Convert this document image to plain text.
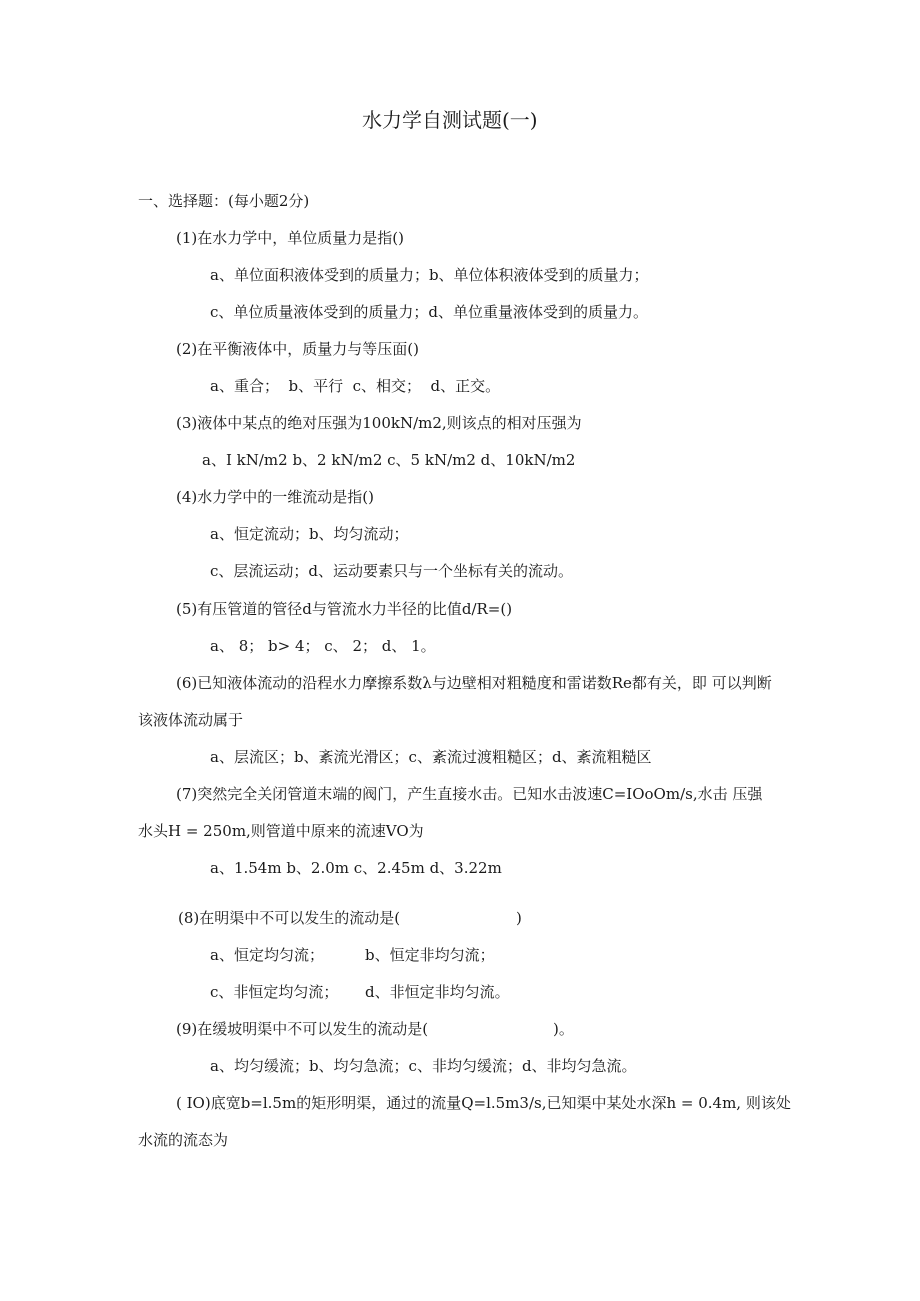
水力学自测试题(一)

一、选择题：(每小题2分)

(1)在水力学中，单位质量力是指()

a、单位面积液体受到的质量力；b、单位体积液体受到的质量力；

c、单位质量液体受到的质量力；d、单位重量液体受到的质量力。

(2)在平衡液体中，质量力与等压面()

a、重合；  b、平行  c、相交；  d、正交。

(3)液体中某点的绝对压强为100kN∕m2,则该点的相对压强为

a、I kN∕m2 b、2 kN∕m2 c、5 kN∕m2 d、10kN∕m2

(4)水力学中的一维流动是指()

a、恒定流动；b、均匀流动；

c、层流运动；d、运动要素只与一个坐标有关的流动。

(5)有压管道的管径d与管流水力半径的比值d/R=()

a、 8； b> 4； c、 2； d、 1。

(6)已知液体流动的沿程水力摩擦系数λ与边壁相对粗糙度和雷诺数Re都有关，即 可以判断

该液体流动属于

a、层流区；b、紊流光滑区；c、紊流过渡粗糙区；d、紊流粗糙区

(7)突然完全关闭管道末端的阀门，产生直接水击。已知水击波速C=IOoOm∕s,水击 压强

水头H = 250m,则管道中原来的流速VO为

a、1.54m b、2.0m c、2.45m d、3.22m

(8)在明渠中不可以发生的流动是(	)

a、恒定均匀流；	b、恒定非均匀流；

c、非恒定均匀流； d、非恒定非均匀流。

(9)在缓坡明渠中不可以发生的流动是(	)。

a、均匀缓流；b、均匀急流；c、非均匀缓流；d、非均匀急流。

( IO)底宽b=l.5m的矩形明渠，通过的流量Q=l.5m3∕s,已知渠中某处水深h = 0.4m, 则该处

水流的流态为
